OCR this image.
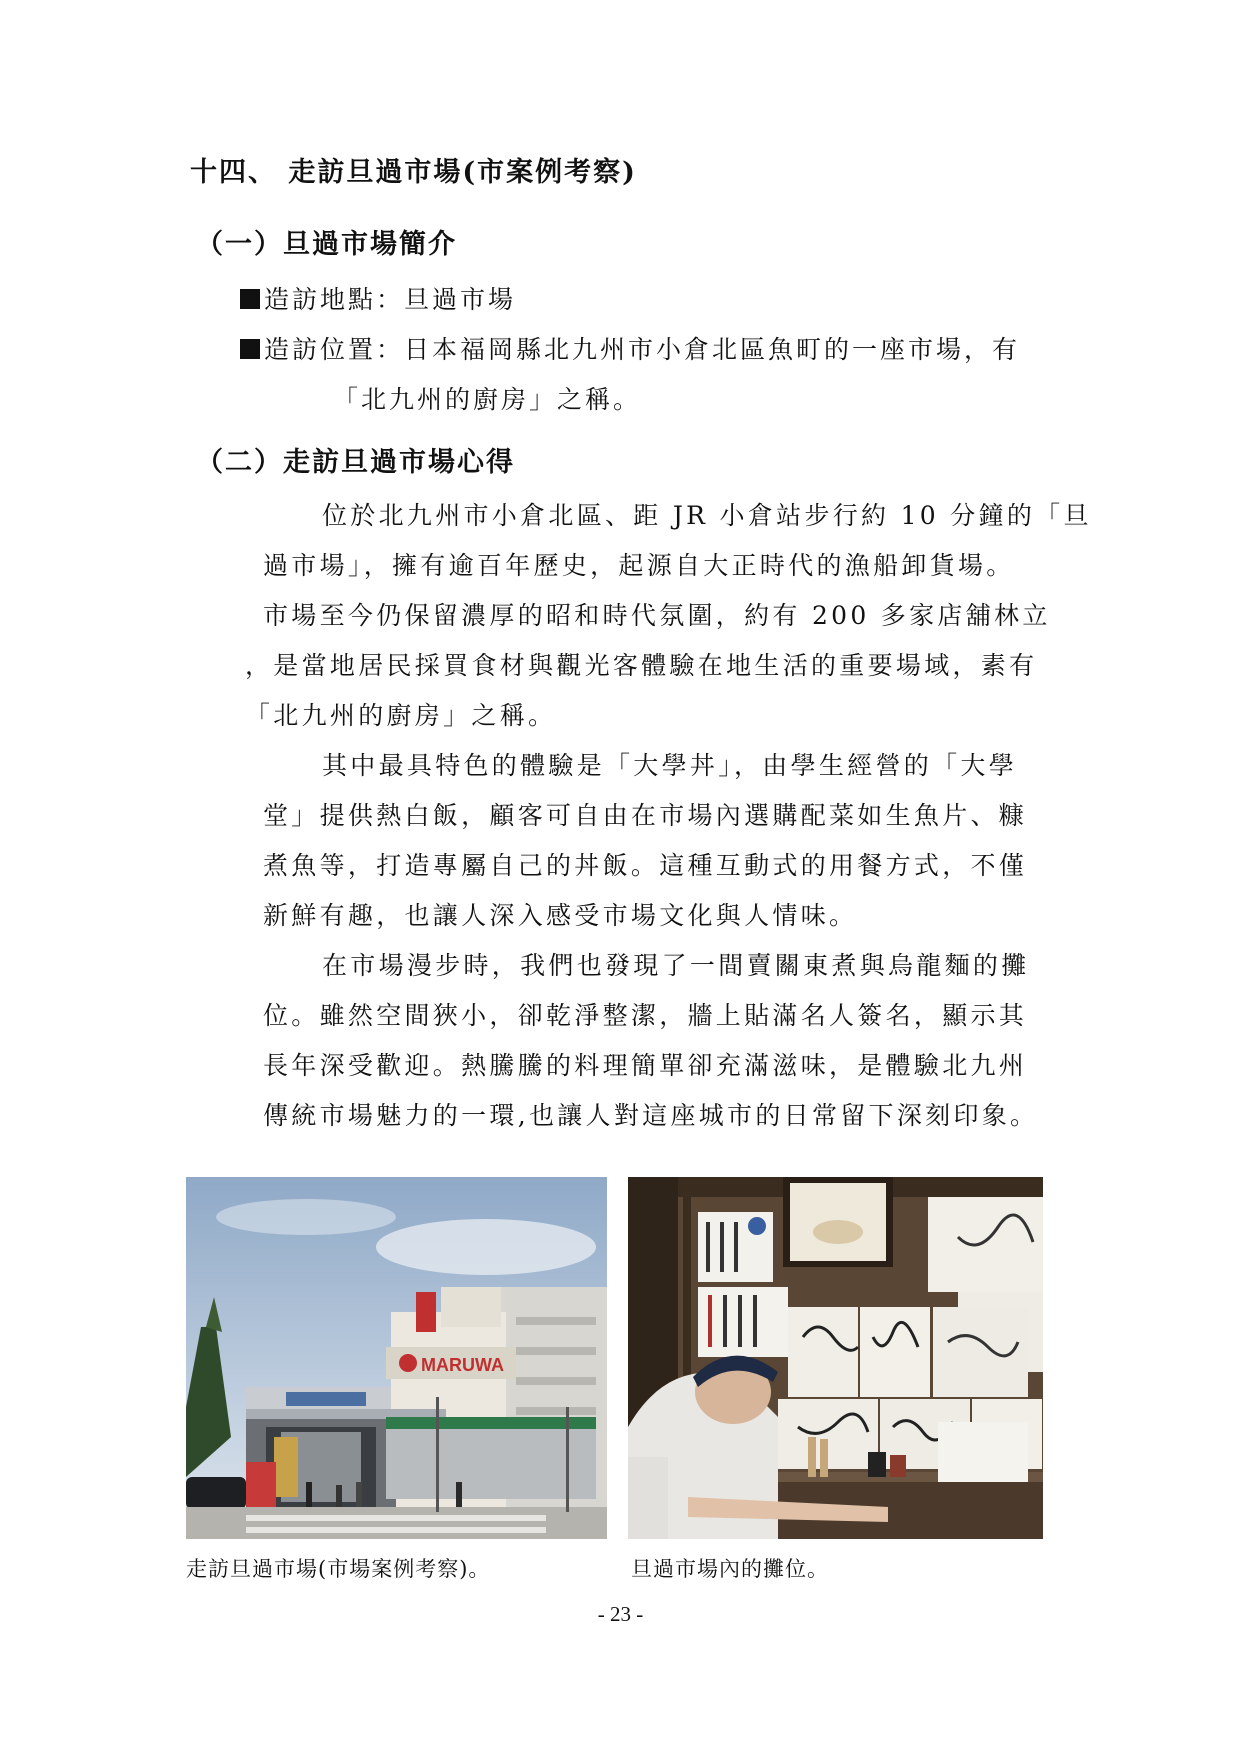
十四、 走訪旦過市場(市案例考察)
（一）旦過市場簡介
造訪地點：旦過市場
造訪位置：日本福岡縣北九州市小倉北區魚町的一座市場，有
「北九州的廚房」之稱。
（二）走訪旦過市場心得
位於北九州市小倉北區、距 JR 小倉站步行約 10 分鐘的「旦
過市場」，擁有逾百年歷史，起源自大正時代的漁船卸貨場。
市場至今仍保留濃厚的昭和時代氛圍，約有 200 多家店舖林立
，是當地居民採買食材與觀光客體驗在地生活的重要場域，素有
「北九州的廚房」之稱。
其中最具特色的體驗是「大學丼」，由學生經營的「大學
堂」提供熱白飯，顧客可自由在市場內選購配菜如生魚片、糠
煮魚等，打造專屬自己的丼飯。這種互動式的用餐方式，不僅
新鮮有趣，也讓人深入感受市場文化與人情味。
在市場漫步時，我們也發現了一間賣關東煮與烏龍麵的攤
位。雖然空間狹小，卻乾淨整潔，牆上貼滿名人簽名，顯示其
長年深受歡迎。熱騰騰的料理簡單卻充滿滋味，是體驗北九州
傳統市場魅力的一環,也讓人對這座城市的日常留下深刻印象。
MARUWA
走訪旦過市場(市場案例考察)。	旦過市場內的攤位。
- 23 -
